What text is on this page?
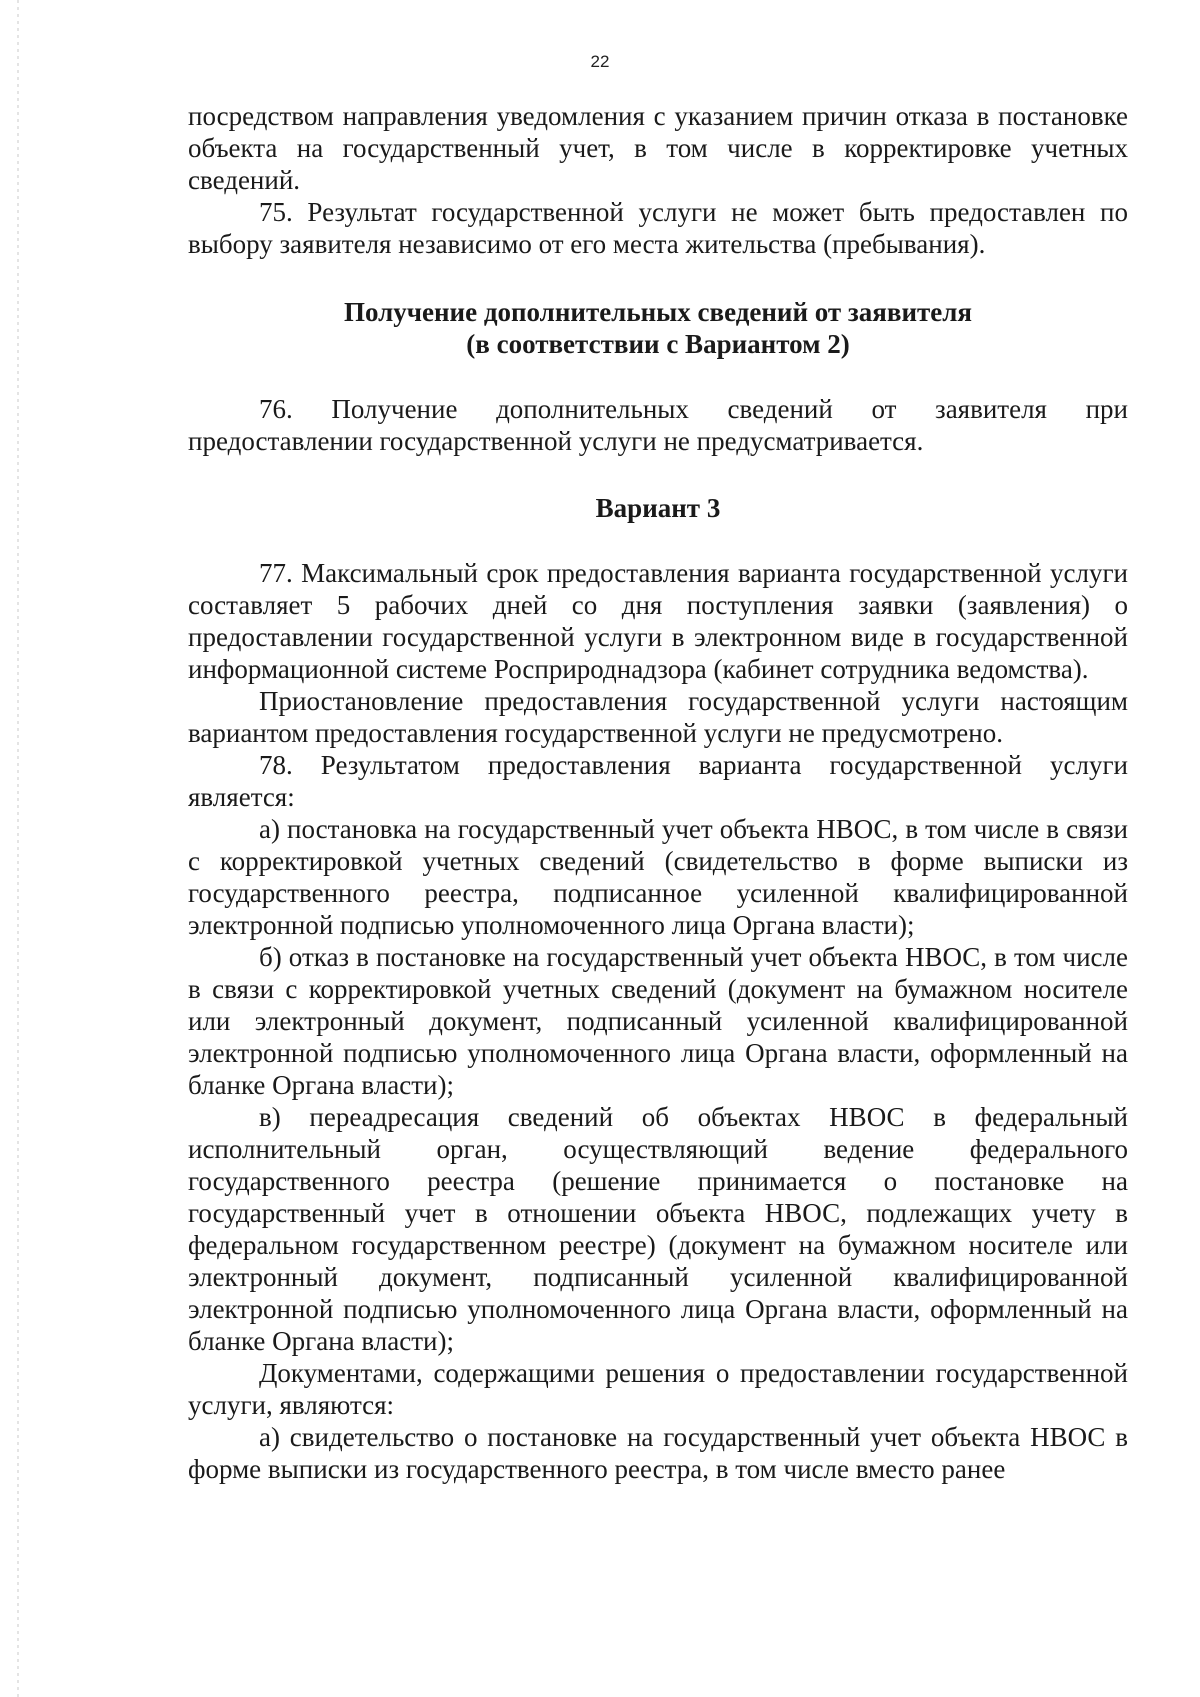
22

посредством направления уведомления с указанием причин отказа в постановке объекта на государственный учет, в том числе в корректировке учетных сведений.

75. Результат государственной услуги не может быть предоставлен по выбору заявителя независимо от его места жительства (пребывания).

Получение дополнительных сведений от заявителя

(в соответствии с Вариантом 2)

76. Получение дополнительных сведений от заявителя при предоставлении государственной услуги не предусматривается.

Вариант 3

77. Максимальный срок предоставления варианта государственной услуги составляет 5 рабочих дней со дня поступления заявки (заявления) о предоставлении государственной услуги в электронном виде в государственной информационной системе Росприроднадзора (кабинет сотрудника ведомства).

Приостановление предоставления государственной услуги настоящим вариантом предоставления государственной услуги не предусмотрено.

78. Результатом предоставления варианта государственной услуги является:

а) постановка на государственный учет объекта НВОС, в том числе в связи с корректировкой учетных сведений (свидетельство в форме выписки из государственного реестра, подписанное усиленной квалифицированной электронной подписью уполномоченного лица Органа власти);

б) отказ в постановке на государственный учет объекта НВОС, в том числе в связи с корректировкой учетных сведений (документ на бумажном носителе или электронный документ, подписанный усиленной квалифицированной электронной подписью уполномоченного лица Органа власти, оформленный на бланке Органа власти);

в) переадресация сведений об объектах НВОС в федеральный исполнительный орган, осуществляющий ведение федерального государственного реестра (решение принимается о постановке на государственный учет в отношении объекта НВОС, подлежащих учету в федеральном государственном реестре) (документ на бумажном носителе или электронный документ, подписанный усиленной квалифицированной электронной подписью уполномоченного лица Органа власти, оформленный на бланке Органа власти);

Документами, содержащими решения о предоставлении государственной услуги, являются:

а) свидетельство о постановке на государственный учет объекта НВОС в форме выписки из государственного реестра, в том числе вместо ранее
